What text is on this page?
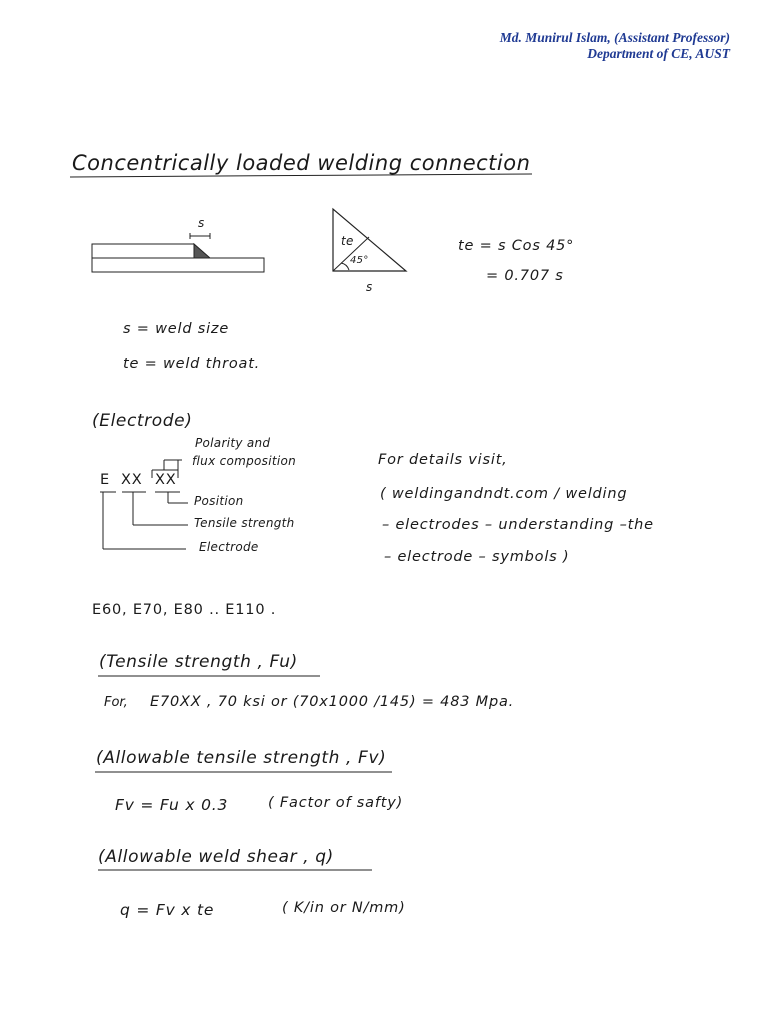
Md. Munirul Islam, (Assistant Professor)
Department of CE, AUST
Concentrically loaded welding connection
s
te
45°
s
te = s Cos 45°
= 0.707 s
s = weld size
te = weld throat.
(Electrode)
Polarity and
flux composition
E XX XX
Position
Tensile strength
Electrode
For details visit,
( weldingandndt.com / welding
– electrodes – understanding –the
– electrode – symbols )
E60, E70, E80 .. E110 .
(Tensile strength , Fu)
For, E70XX , 70 ksi or (70x1000 /145) = 483 Mpa.
(Allowable tensile strength , Fv)
Fv = Fu x 0.3	( Factor of safty)
(Allowable weld shear , q)
q = Fv x te	( K/in or N/mm)
